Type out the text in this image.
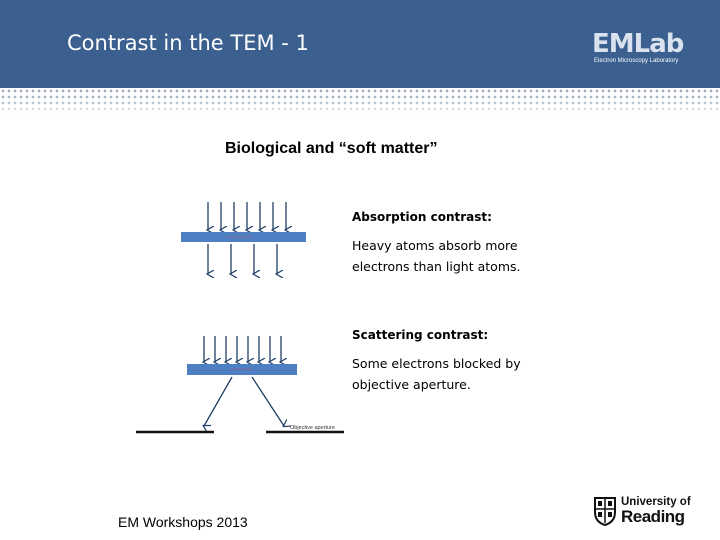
Contrast in the TEM - 1	EMLab
Electron Microscopy Laboratory
Biological and “soft matter”
Absorption contrast:
Heavy atoms absorb more
electrons than light atoms.
Objective aperture
Scattering contrast:
Some electrons blocked by
objective aperture.
EM Workshops 2013
University of
Reading
